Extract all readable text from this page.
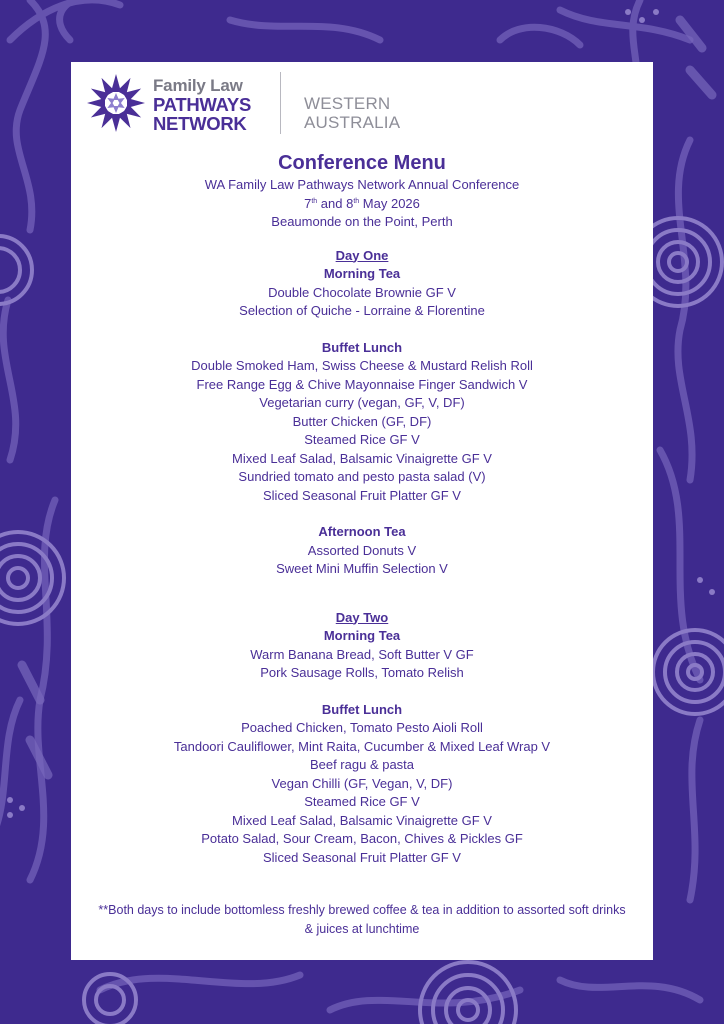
Family Law
PATHWAYS
NETWORK
WESTERN
AUSTRALIA
Conference Menu
WA Family Law Pathways Network Annual Conference
7th and 8th May 2026
Beaumonde on the Point, Perth
Day One
Morning Tea
Double Chocolate Brownie GF V
Selection of Quiche - Lorraine & Florentine
Buffet Lunch
Double Smoked Ham, Swiss Cheese & Mustard Relish Roll
Free Range Egg & Chive Mayonnaise Finger Sandwich V
Vegetarian curry (vegan, GF, V, DF)
Butter Chicken (GF, DF)
Steamed Rice GF V
Mixed Leaf Salad, Balsamic Vinaigrette GF V
Sundried tomato and pesto pasta salad (V)
Sliced Seasonal Fruit Platter GF V
Afternoon Tea
Assorted Donuts V
Sweet Mini Muffin Selection V
Day Two
Morning Tea
Warm Banana Bread, Soft Butter V GF
Pork Sausage Rolls, Tomato Relish
Buffet Lunch
Poached Chicken, Tomato Pesto Aioli Roll
Tandoori Cauliflower, Mint Raita, Cucumber & Mixed Leaf Wrap V
Beef ragu & pasta
Vegan Chilli (GF, Vegan, V, DF)
Steamed Rice GF V
Mixed Leaf Salad, Balsamic Vinaigrette GF V
Potato Salad, Sour Cream, Bacon, Chives & Pickles GF
Sliced Seasonal Fruit Platter GF V
**Both days to include bottomless freshly brewed coffee & tea in addition to assorted soft drinks & juices at lunchtime
